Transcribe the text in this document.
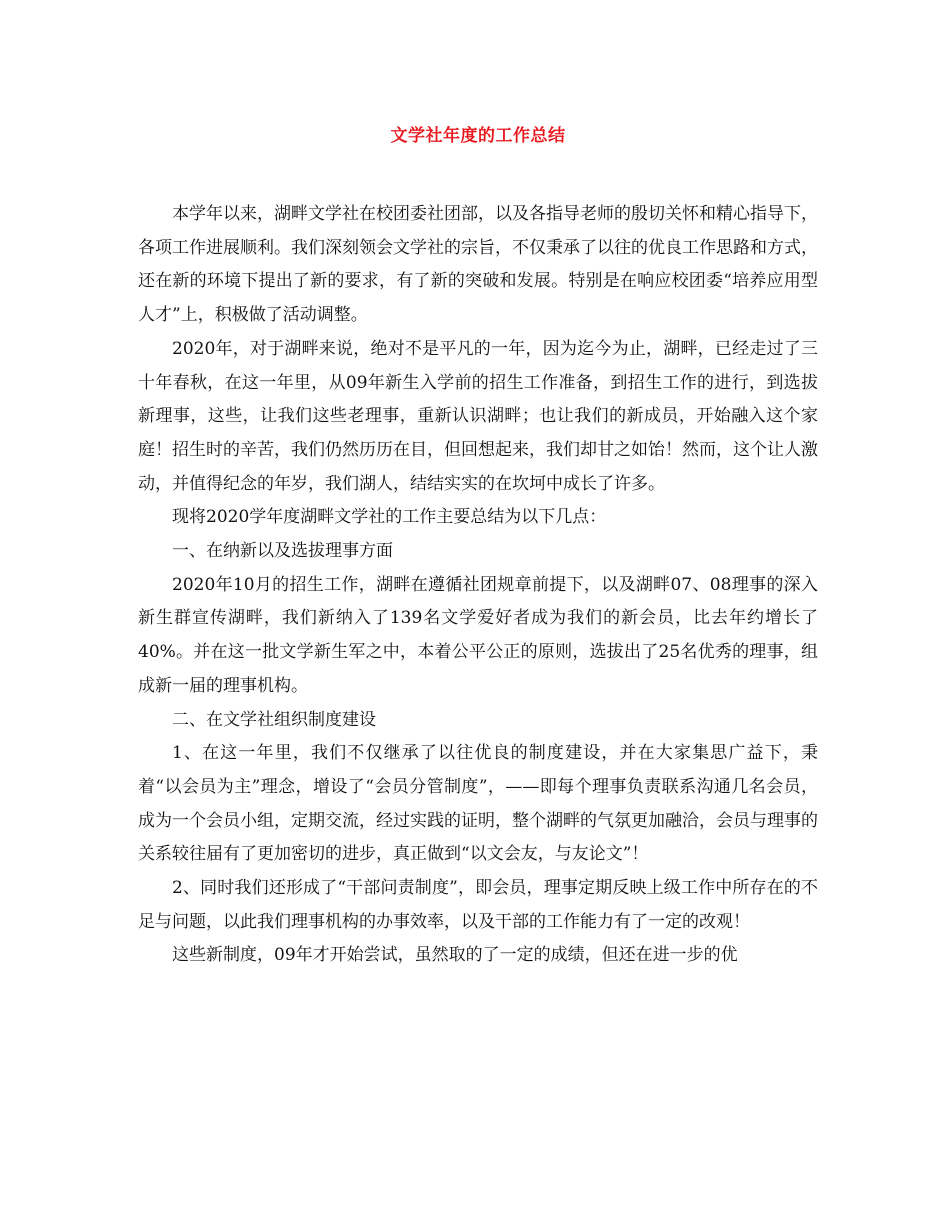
文学社年度的工作总结

本学年以来，湖畔文学社在校团委社团部，以及各指导老师的殷切关怀和精心指导下，各项工作进展顺利。我们深刻领会文学社的宗旨，不仅秉承了以往的优良工作思路和方式，还在新的环境下提出了新的要求，有了新的突破和发展。特别是在响应校团委“培养应用型人才”上，积极做了活动调整。

2020年，对于湖畔来说，绝对不是平凡的一年，因为迄今为止，湖畔，已经走过了三十年春秋，在这一年里，从09年新生入学前的招生工作准备，到招生工作的进行，到选拔新理事，这些，让我们这些老理事，重新认识湖畔；也让我们的新成员，开始融入这个家庭！招生时的辛苦，我们仍然历历在目，但回想起来，我们却甘之如饴！然而，这个让人激动，并值得纪念的年岁，我们湖人，结结实实的在坎坷中成长了许多。

现将2020学年度湖畔文学社的工作主要总结为以下几点：

一、在纳新以及选拔理事方面

2020年10月的招生工作，湖畔在遵循社团规章前提下，以及湖畔07、08理事的深入新生群宣传湖畔，我们新纳入了139名文学爱好者成为我们的新会员，比去年约增长了40%。并在这一批文学新生军之中，本着公平公正的原则，选拔出了25名优秀的理事，组成新一届的理事机构。

二、在文学社组织制度建设

1、在这一年里，我们不仅继承了以往优良的制度建设，并在大家集思广益下，秉着“以会员为主”理念，增设了“会员分管制度”，——即每个理事负责联系沟通几名会员，成为一个会员小组，定期交流，经过实践的证明，整个湖畔的气氛更加融洽，会员与理事的关系较往届有了更加密切的进步，真正做到“以文会友，与友论文”！

2、同时我们还形成了“干部问责制度”，即会员，理事定期反映上级工作中所存在的不足与问题，以此我们理事机构的办事效率，以及干部的工作能力有了一定的改观！

这些新制度，09年才开始尝试，虽然取的了一定的成绩，但还在进一步的优
